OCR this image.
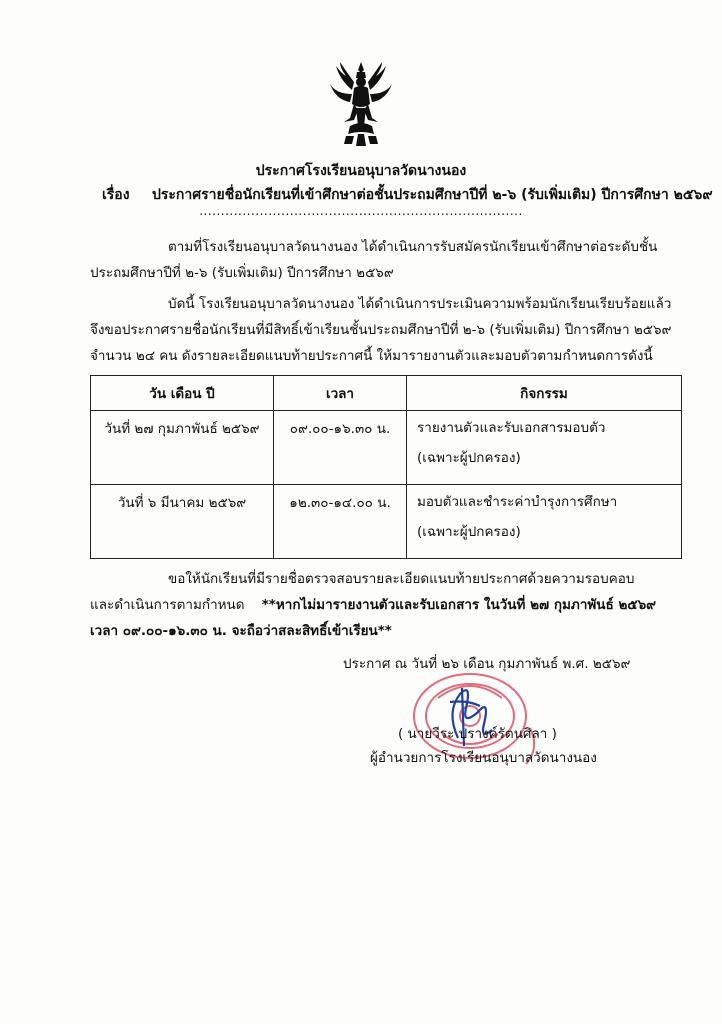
ประกาศโรงเรียนอนุบาลวัดนางนอง
เรื่อง ประกาศรายชื่อนักเรียนที่เข้าศึกษาต่อชั้นประถมศึกษาปีที่ ๒-๖ (รับเพิ่มเติม) ปีการศึกษา ๒๕๖๙
...........................................................................
ตามที่โรงเรียนอนุบาลวัดนางนอง ได้ดำเนินการรับสมัครนักเรียนเข้าศึกษาต่อระดับชั้น
ประถมศึกษาปีที่ ๒-๖ (รับเพิ่มเติม) ปีการศึกษา ๒๕๖๙
บัดนี้ โรงเรียนอนุบาลวัดนางนอง ได้ดำเนินการประเมินความพร้อมนักเรียนเรียบร้อยแล้ว
จึงขอประกาศรายชื่อนักเรียนที่มีสิทธิ์เข้าเรียนชั้นประถมศึกษาปีที่ ๒-๖ (รับเพิ่มเติม) ปีการศึกษา ๒๕๖๙
จำนวน ๒๔ คน ดังรายละเอียดแนบท้ายประกาศนี้ ให้มารายงานตัวและมอบตัวตามกำหนดการดังนี้
วัน เดือน ปี	เวลา	กิจกรรม
วันที่ ๒๗ กุมภาพันธ์ ๒๕๖๙	๐๙.๐๐-๑๖.๓๐ น.	รายงานตัวและรับเอกสารมอบตัว
(เฉพาะผู้ปกครอง)

วันที่ ๖ มีนาคม ๒๕๖๙	๑๒.๓๐-๑๔.๐๐ น.	มอบตัวและชำระค่าบำรุงการศึกษา
(เฉพาะผู้ปกครอง)
ขอให้นักเรียนที่มีรายชื่อตรวจสอบรายละเอียดแนบท้ายประกาศด้วยความรอบคอบ
และดำเนินการตามกำหนด **หากไม่มารายงานตัวและรับเอกสาร ในวันที่ ๒๗ กุมภาพันธ์ ๒๕๖๙
เวลา ๐๙.๐๐-๑๖.๓๐ น. จะถือว่าสละสิทธิ์เข้าเรียน**
ประกาศ ณ วันที่ ๒๖ เดือน กุมภาพันธ์ พ.ศ. ๒๕๖๙
( นายวีระ ปรางค์รัตนศิลา )
ผู้อำนวยการโรงเรียนอนุบาลวัดนางนอง
